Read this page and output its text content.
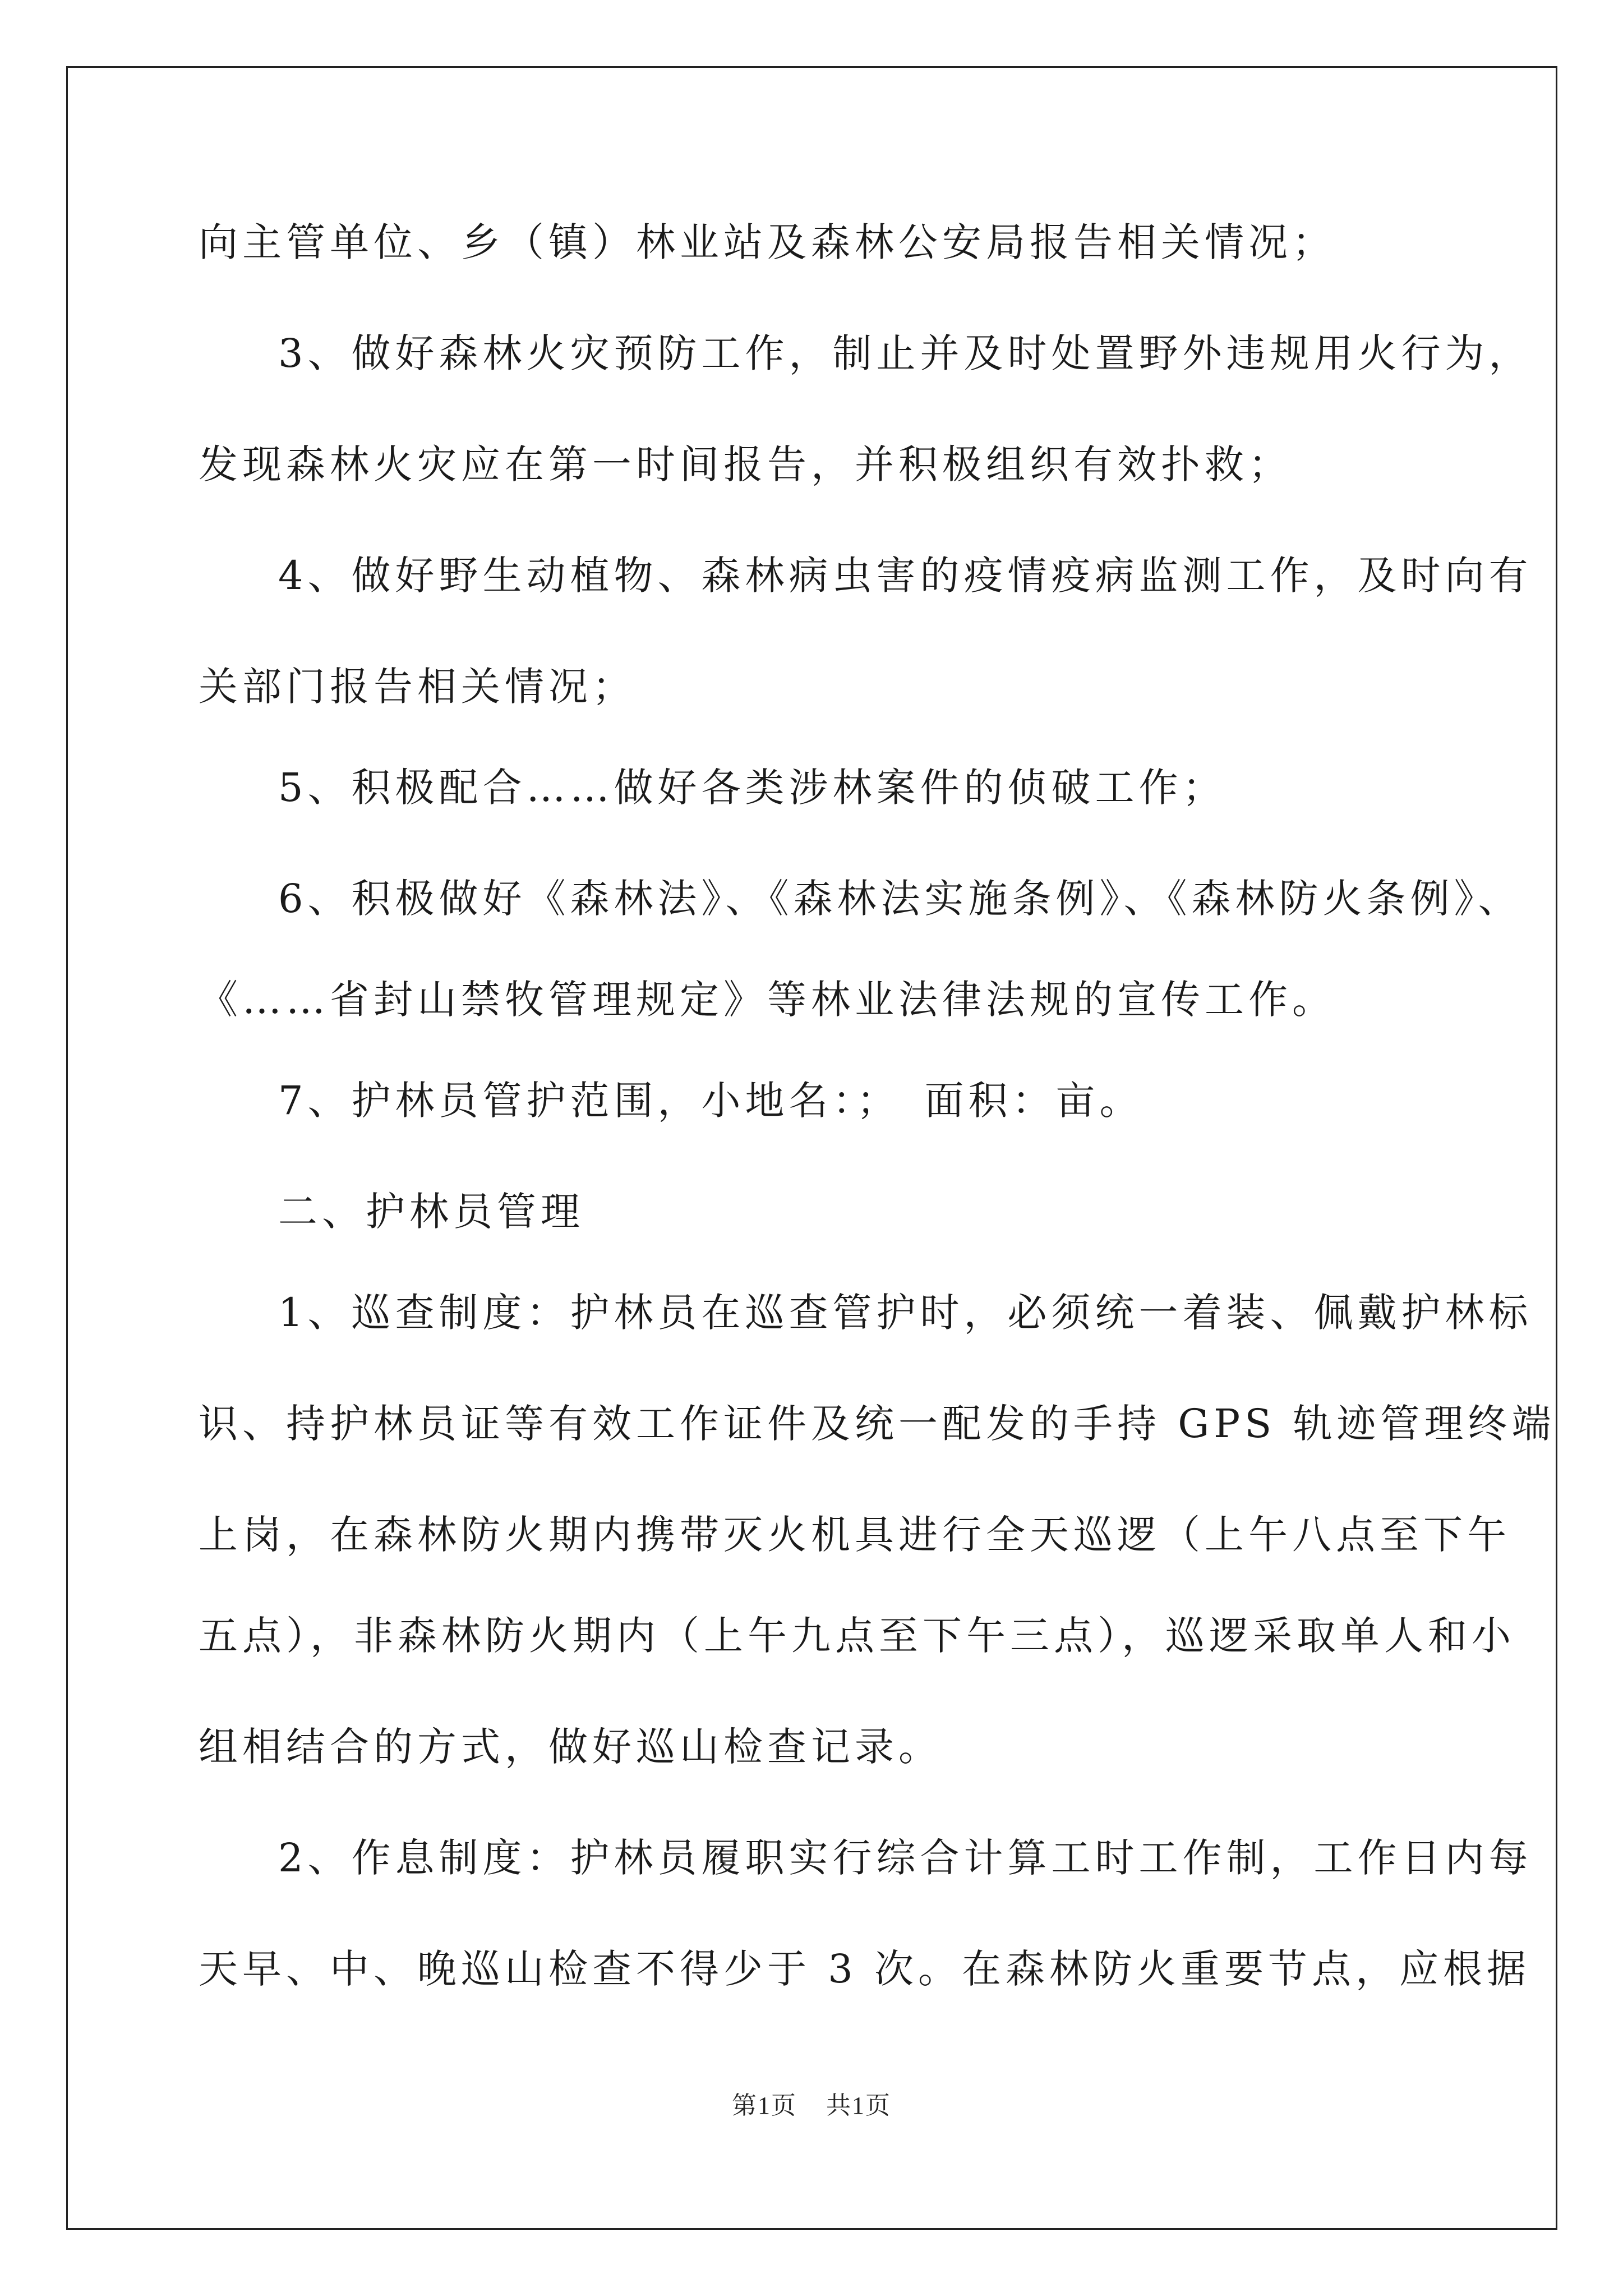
向主管单位、乡（镇）林业站及森林公安局报告相关情况；
3、做好森林火灾预防工作，制止并及时处置野外违规用火行为，
发现森林火灾应在第一时间报告，并积极组织有效扑救；
4、做好野生动植物、森林病虫害的疫情疫病监测工作，及时向有
关部门报告相关情况；
5、积极配合……做好各类涉林案件的侦破工作；
6、积极做好《森林法》、《森林法实施条例》、《森林防火条例》、
《……省封山禁牧管理规定》等林业法律法规的宣传工作。
7、护林员管护范围，小地名：；　面积：亩。
二、护林员管理
1、巡查制度：护林员在巡查管护时，必须统一着装、佩戴护林标
识、持护林员证等有效工作证件及统一配发的手持 GPS 轨迹管理终端
上岗，在森林防火期内携带灭火机具进行全天巡逻（上午八点至下午
五点），非森林防火期内（上午九点至下午三点），巡逻采取单人和小
组相结合的方式，做好巡山检查记录。
2、作息制度：护林员履职实行综合计算工时工作制，工作日内每
天早、中、晚巡山检查不得少于 3 次。在森林防火重要节点，应根据
第1页 共1页
